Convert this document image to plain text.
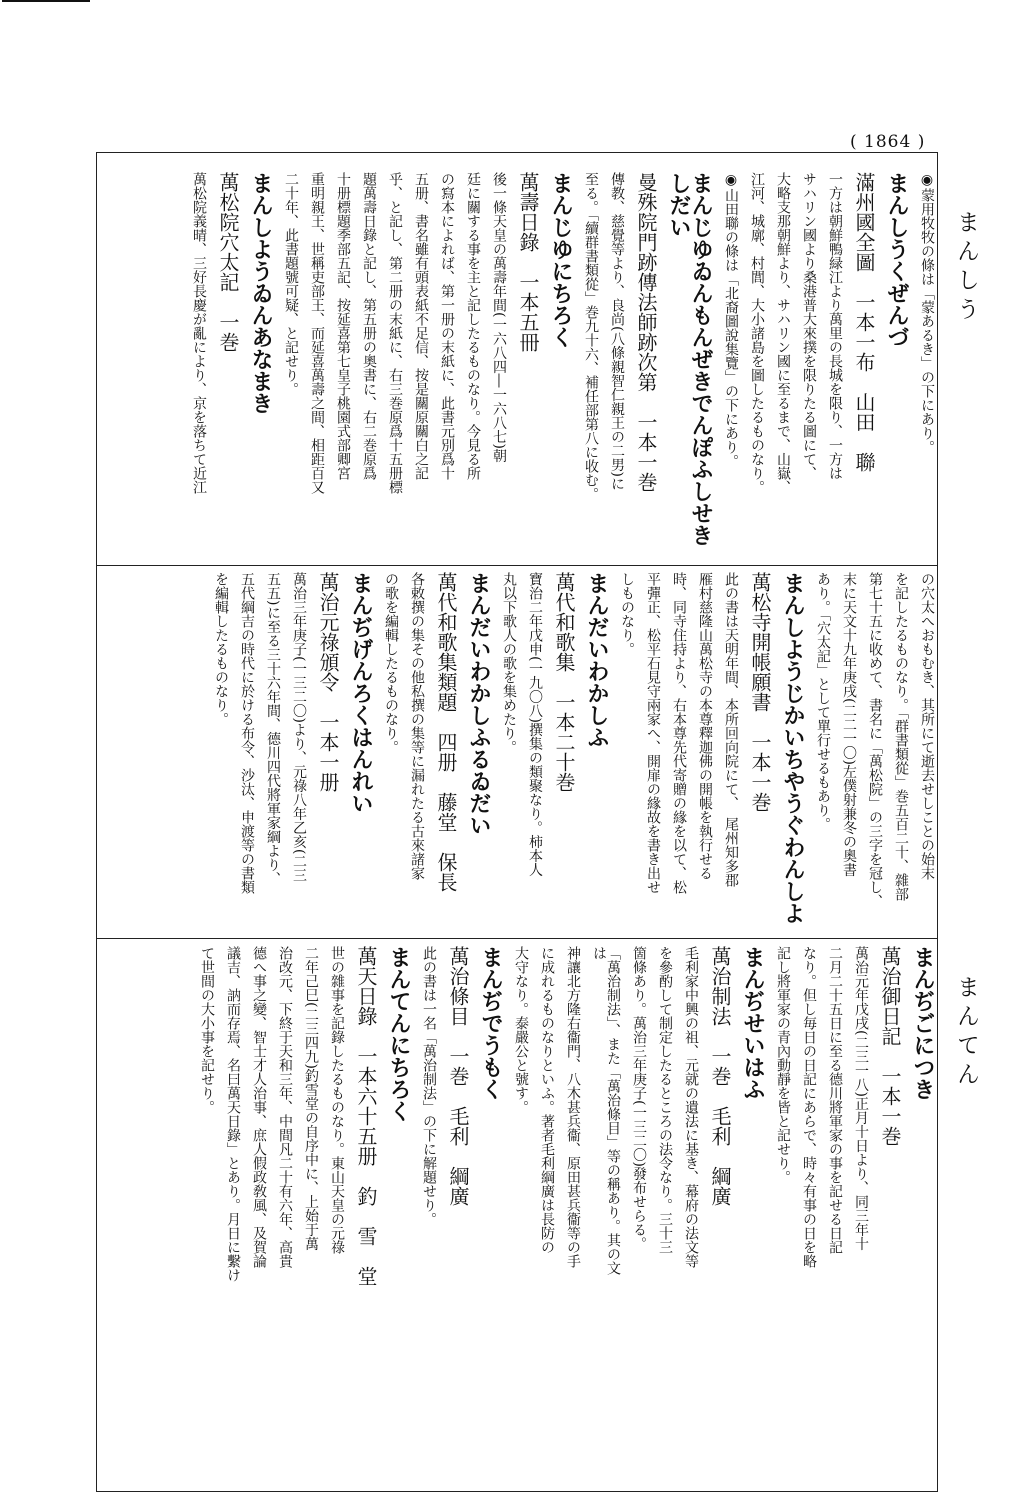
( 1864 )
まんしう
まんてん
◉蒙用牧牧の條は「蒙あるき」の下にあり。
まんしうくぜんづ
滿州國全圖　一本一布　山田　聯
一方は朝鮮鴨緑江より萬里の長城を限り、一方は
サハリン國より桑港普大來撲を限りたる圖にて、
大略支那朝鮮より、サハリン國に至るまで、山嶽、
江河、城廓、村閭、大小諸島を圖したるものなり。
◉山田聯の條は「北裔圖說集覽」の下にあり。
まんじゆゐんもんぜきでんぽふしせきしだい
曼殊院門跡傳法師跡次第　一本一巻
傳教、慈覺等より、良尚(八條親智仁親王の二男)に
至る。「續群書類從」巻九十六、補任部第八に收む。
まんじゆにちろく
萬壽日錄　一本五冊
後一條天皇の萬壽年間(一六八四―一六八七)朝
廷に關する事を主と記したるものなり。今見る所
の寫本によれば、第一册の末紙に、此書元別爲十
五册、書名雖有頭表紙不足信、按是關原關白之記
乎、と記し、第二册の末紙に、右三巻原爲十五册標
題萬壽日錄と記し、第五册の奧書に、右二巻原爲
十册標題季部五記、按延喜第七皇子桃園式部卿宮
重明親王、世稱吏部王、而延喜萬壽之間、相距百又
二十年、此書題號可疑、と記せり。
まんしようゐんあなまき
萬松院穴太記　一巻
萬松院義晴、三好長慶が亂により、京を落ちて近江
の穴太へおもむき、其所にて逝去せしことの始末
を記したるものなり。「群書類從」巻五百二十、雜部
第七十五に收めて、書名に「萬松院」の三字を冠し、
末に天文十九年庚戌(二二一〇)左僕射兼冬の奧書
あり。「穴太記」として單行せるもあり。
まんしようじかいちやうぐわんしよ
萬松寺開帳願書　一本一巻
此の書は天明年間、本所回向院にて、　尾州知多郡
雁村慈隆山萬松寺の本尊釋迦佛の開帳を執行せる
時、同寺住持より、右本尊先代寄贈の緣を以て、松
平彈正、松平石見守兩家へ、開扉の緣故を書き出せ
しものなり。
まんだいわかしふ
萬代和歌集　一本二十巻
寶治二年戊申(一九〇八)撰集の類聚なり。柿本人
丸以下歌人の歌を集めたり。
まんだいわかしふるゐだい
萬代和歌集類題　四册　藤堂　保長
各敕撰の集その他私撰の集等に漏れたる古來諸家
の歌を編輯したるものなり。
まんぢげんろくはんれい
萬治元祿頒令　一本一册
萬治三年庚子(一三二〇)より、元祿八年乙亥(二三
五五)に至る三十六年間、德川四代將軍家綱より、
五代綱吉の時代に於ける布令、沙汰、申渡等の書類
を編輯したるものなり。
まんぢごにつき
萬治御日記　一本一巻
萬治元年戊戌(二三一八)正月十日より、同三年十
二月二十五日に至る德川將軍家の事を記せる日記
なり。但し毎日の日記にあらで、時々有事の日を略
記し將軍家の青內動靜を皆と記せり。
まんぢせいはふ
萬治制法　一巻　毛利　綱廣
毛利家中興の祖、元就の遺法に基き、幕府の法文等
を參酌して制定したるところの法令なり。三十三
箇條あり。萬治三年庚子(一三二〇)發布せらる。
「萬治制法」、また「萬治條目」等の稱あり。其の文は
神讓北方隆右衞門、八木甚兵衞、原田甚兵衞等の手
に成れるものなりといふ。著者毛利綱廣は長防の
大守なり。泰嚴公と號す。
まんぢでうもく
萬治條目　一巻　毛利　綱廣
此の書は一名「萬治制法」の下に解題せり。
まんてんにちろく
萬天日錄　一本六十五册　釣　雪　堂
世の雜事を記錄したるものなり。東山天皇の元祿
二年己巳(二三四九)釣雪堂の自序中に、上始于萬
治改元、下終于天和三年、中間凡二十有六年、高貴
德へ事之變、智士才人治事、庶人假政敎風、及賀論
議吉、訥而存焉、名曰萬天日錄」とあり。月日に繫け
て世間の大小事を記せり。
